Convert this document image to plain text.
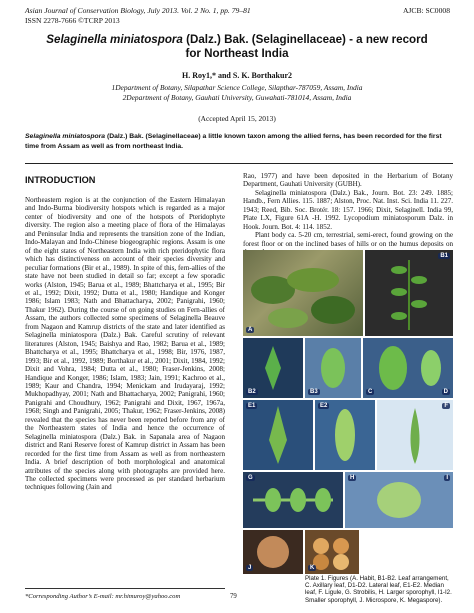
Asian Journal of Conservation Biology, July 2013. Vol. 2 No. 1, pp. 79–81
ISSN 2278-7666 ©TCRP 2013
AJCB: SC0008
Selaginella miniatospora (Dalz.) Bak. (Selaginellaceae) - a new record
for Northeast India
H. Roy1,* and S. K. Borthakur2
1Department of Botany, Silapathar Science College, Silapthar-787059, Assam, India
2Department of Botany, Gauhati University, Guwahati-781014, Assam, India
(Accepted April 15, 2013)
Selaginella miniatospora (Dalz.) Bak. (Selaginellaceae) a little known taxon among the allied ferns, has been recorded for the first time from Assam as well as from northeast India.
INTRODUCTION

Northeastern region is at the conjunction of the Eastern Himalayan and Indo-Burma biodiversity hotspots which is regarded as a major center of biodiversity and one of the hotspots of Pteridophyte diversity. The region also a meeting place of flora of the Himalayas and Peninsular India and represents the transition zone of the Indian, Indo-Malayan and Indo-Chinese biogeographic regions. Assam is one of the eight states of Northeastern India with rich pteridophytic flora which has distinctiveness on account of their species diversity and peculiar formations (Bir et al., 1989). In spite of this, fern-allies of the state have not been studied in detail so far; except a few sporadic works (Alston, 1945; Barua et al., 1989; Bhattcharya et al., 1995; Bir et al., 1992; Dixit, 1992; Dutta et al., 1980; Handique and Konger 1986; Islam 1983; Nath and Bhattacharya, 2002; Panigrahi, 1960; Thakur 1962). During the course of on going studies on Fern-allies of Assam, the authors collected some specimens of Selaginella Beauve from Nagaon and Kamrup districts of the state and later identified as Selaginella miniatospora (Dalz.) Bak. Careful scrutiny of relevant literatures (Alston, 1945; Baishya and Rao, 1982; Barua et al., 1989; Bhattcharya et al., 1995; Bhattcharya et al., 1998; Bir, 1976, 1987, 1993; Bir et al., 1992, 1989; Borthakur et al., 2001; Dixit, 1984, 1992; Dixit and Vohra, 1984; Dutta et al., 1980; Fraser-Jenkins, 2008; Handique and Konger, 1986; Islam, 1983; Jain, 1991; Kachroo et al., 1989; Kaur and Chandra, 1994; Menickam and Irudayaraj, 1992; Mukhopadhyay, 2001; Nath and Bhattacharya, 2002; Panigrahi, 1960; Panigrahi and Choudhury, 1962; Panigrahi and Dixit, 1967, 1967a, 1968; Singh and Panigrahi, 2005; Thakur, 1962; Fraser-Jenkins, 2008) revealed that the species has never been reported before from any of the Northeastern states of India and hence the occurrence of Selaginella miniatospora (Dalz.) Bak. in Sapanala area of Nagaon district and Rani Reserve forest of Kamrup district in Assam has been recorded for the first time from Assam as well as from northeastern India. A brief description of both morphological and anatomical attributes of the species along with photographs are provided here. The collected specimens were processed as per standard herbarium techniques following (Jain and

Rao, 1977) and have been deposited in the Herbarium of Botany Department, Gauhati University (GUBH).

Selaginella miniatospora (Dalz.) Bak., Journ. Bot. 23: 249. 1885; Handb., Fern Allies. 115. 1887; Alston, Proc. Nat. Inst. Sci. India 11. 227. 1943; Reed, Bib. Soc. Brotér. 18: 157. 1966; Dixit, Selaginell. India 99, Plate LX, Figure 61A -H. 1992. Lycopodium miniatosporum Dalz. in Hook. Journ. Bot. 4: 114. 1852.

Plant body ca. 5-20 cm, terrestrial, semi-erect, found growing on the forest floor or on the inclined bases of hills or on the humus deposits on

A
B1
B2	B3	C	D
E1	E2	F
G	H	I
J	K
Plate 1. Figures (A. Habit, B1-B2. Leaf arrangement, C. Axillary leaf, D1-D2. Lateral leaf, E1-E2. Median leaf, F. Ligule, G. Strobilis, H. Larger sporophyll, I1-I2. Smaller sporophyll, J. Microspore, K. Megaspore).
*Corresponding Author’s E-mail: mr.himuroy@yahoo.com	79
